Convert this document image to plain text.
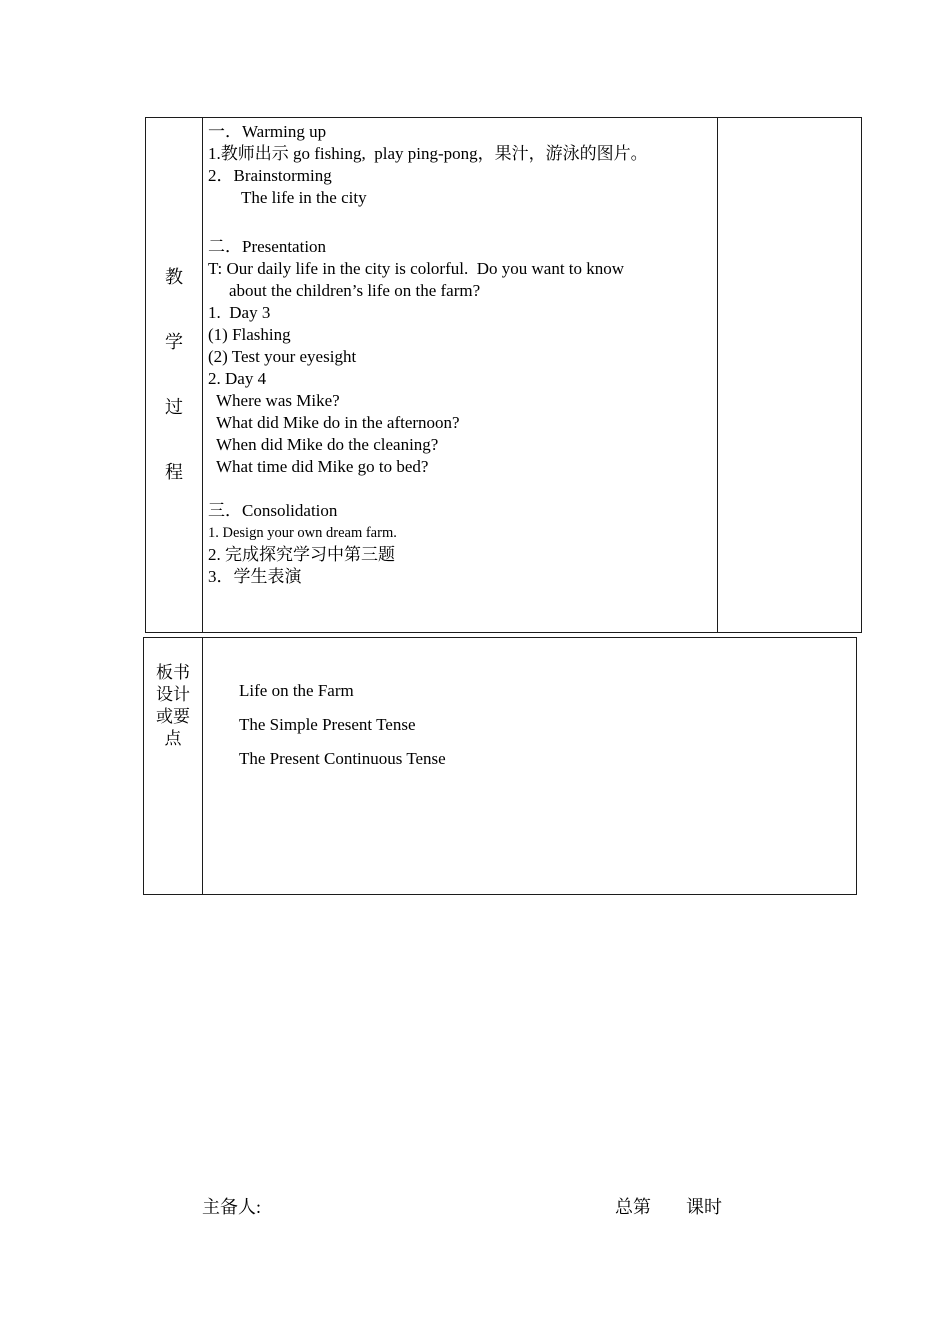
教
学
过
程
一．Warming up
1.教师出示 go fishing,  play ping-pong，果汁，游泳的图片。
2．Brainstorming
The life in the city
二．Presentation
T: Our daily life in the city is colorful.  Do you want to know
about the children’s life on the farm?
1.  Day 3
(1) Flashing
(2) Test your eyesight
2. Day 4
Where was Mike?
What did Mike do in the afternoon?
When did Mike do the cleaning?
What time did Mike go to bed?
三．Consolidation
1. Design your own dream farm.
2. 完成探究学习中第三题
3．学生表演
板书
设计
或要
点
Life on the Farm
The Simple Present Tense
The Present Continuous Tense
主备人:	总第 课时
